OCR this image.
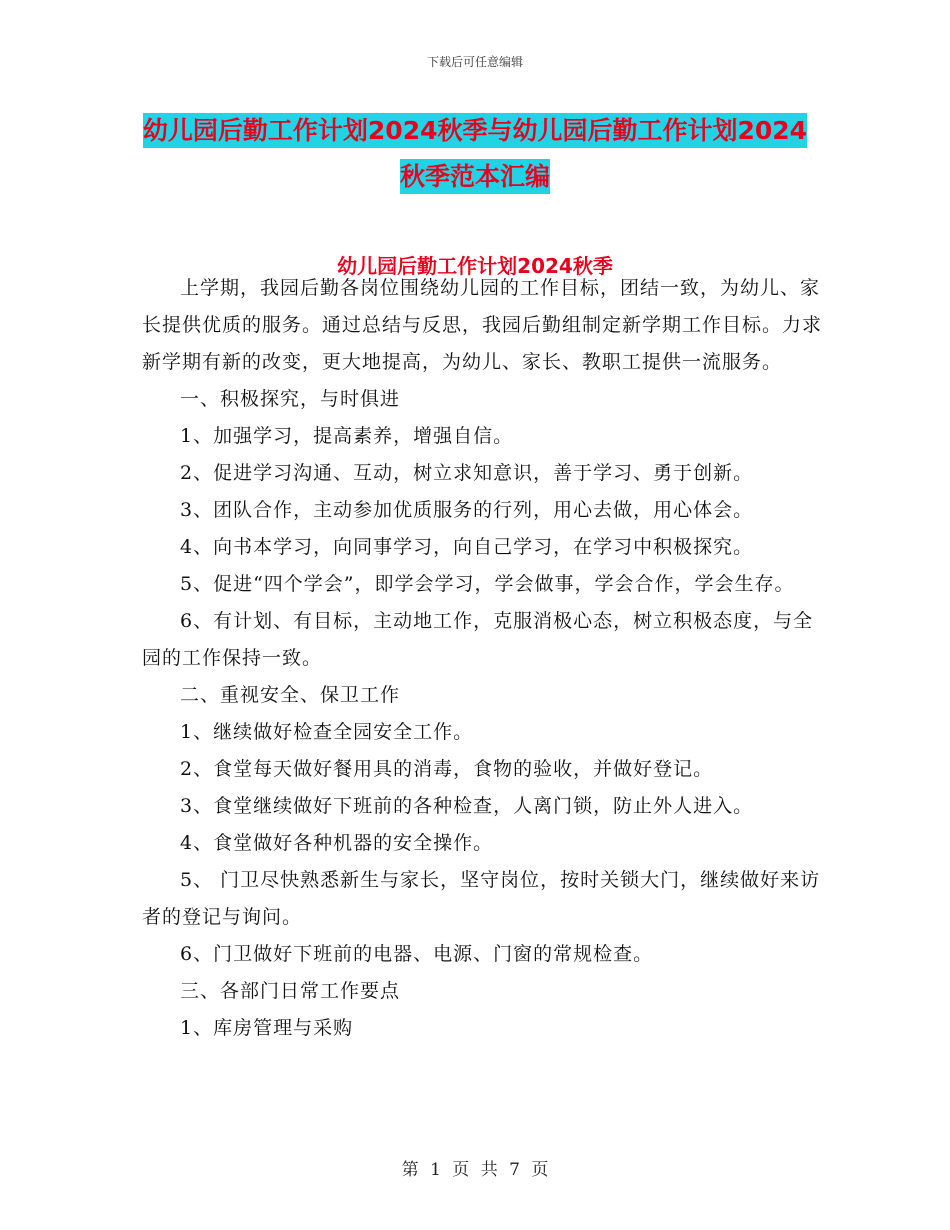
下载后可任意编辑
幼儿园后勤工作计划2024秋季与幼儿园后勤工作计划2024秋季范本汇编
幼儿园后勤工作计划2024秋季

上学期，我园后勤各岗位围绕幼儿园的工作目标，团结一致，为幼儿、家长提供优质的服务。通过总结与反思，我园后勤组制定新学期工作目标。力求新学期有新的改变，更大地提高，为幼儿、家长、教职工提供一流服务。

一、积极探究，与时俱进

1、加强学习，提高素养，增强自信。

2、促进学习沟通、互动，树立求知意识，善于学习、勇于创新。

3、团队合作，主动参加优质服务的行列，用心去做，用心体会。

4、向书本学习，向同事学习，向自己学习，在学习中积极探究。

5、促进“四个学会”，即学会学习，学会做事，学会合作，学会生存。

6、有计划、有目标，主动地工作，克服消极心态，树立积极态度，与全园的工作保持一致。

二、重视安全、保卫工作

1、继续做好检查全园安全工作。

2、食堂每天做好餐用具的消毒，食物的验收，并做好登记。

3、食堂继续做好下班前的各种检查，人离门锁，防止外人进入。

4、食堂做好各种机器的安全操作。

5、 门卫尽快熟悉新生与家长，坚守岗位，按时关锁大门，继续做好来访者的登记与询问。

6、门卫做好下班前的电器、电源、门窗的常规检查。

三、各部门日常工作要点

1、库房管理与采购

第 1 页 共 7 页
